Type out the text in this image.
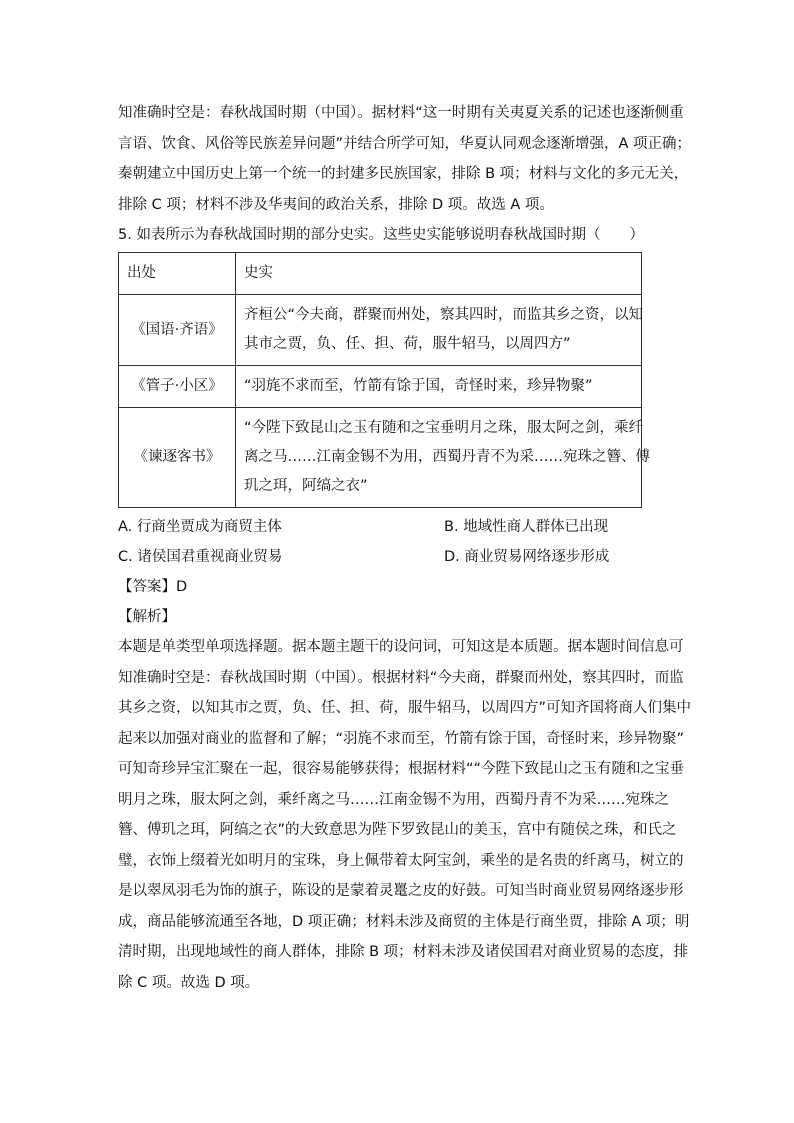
知准确时空是：春秋战国时期（中国）。据材料“这一时期有关夷夏关系的记述也逐渐侧重
言语、饮食、风俗等民族差异问题”并结合所学可知，华夏认同观念逐渐增强，A 项正确；
秦朝建立中国历史上第一个统一的封建多民族国家，排除 B 项；材料与文化的多元无关，
排除 C 项；材料不涉及华夷间的政治关系，排除 D 项。故选 A 项。

5. 如表所示为春秋战国时期的部分史实。这些史实能够说明春秋战国时期（　　）

出处	史实
《国语·齐语》	齐桓公“今夫商，群聚而州处，察其四时，而监其乡之资，以知
其市之贾，负、任、担、荷，服牛轺马，以周四方”

《管子·小区》	“羽旄不求而至，竹箭有馀于国，奇怪时来，珍异物聚”

《谏逐客书》	“今陛下致昆山之玉有随和之宝垂明月之珠，服太阿之剑，乘纤
离之马……江南金锡不为用，西蜀丹青不为采……宛珠之簪、傅
玑之珥，阿缟之衣”
A. 行商坐贾成为商贸主体	B. 地域性商人群体已出现
C. 诸侯国君重视商业贸易	D. 商业贸易网络逐步形成

【答案】D

【解析】

本题是单类型单项选择题。据本题主题干的设问词，可知这是本质题。据本题时间信息可
知准确时空是：春秋战国时期（中国）。根据材料“今夫商，群聚而州处，察其四时，而监
其乡之资，以知其市之贾，负、任、担、荷，服牛轺马，以周四方”可知齐国将商人们集中
起来以加强对商业的监督和了解；“羽旄不求而至，竹箭有馀于国，奇怪时来，珍异物聚”
可知奇珍异宝汇聚在一起，很容易能够获得；根据材料““今陛下致昆山之玉有随和之宝垂
明月之珠，服太阿之剑，乘纤离之马……江南金锡不为用，西蜀丹青不为采……宛珠之
簪、傅玑之珥，阿缟之衣”的大致意思为陛下罗致昆山的美玉，宫中有随侯之珠，和氏之
璧，衣饰上缀着光如明月的宝珠，身上佩带着太阿宝剑，乘坐的是名贵的纤离马，树立的
是以翠凤羽毛为饰的旗子，陈设的是蒙着灵鼍之皮的好鼓。可知当时商业贸易网络逐步形
成，商品能够流通至各地，D 项正确；材料未涉及商贸的主体是行商坐贾，排除 A 项；明
清时期，出现地域性的商人群体，排除 B 项；材料未涉及诸侯国君对商业贸易的态度，排
除 C 项。故选 D 项。
